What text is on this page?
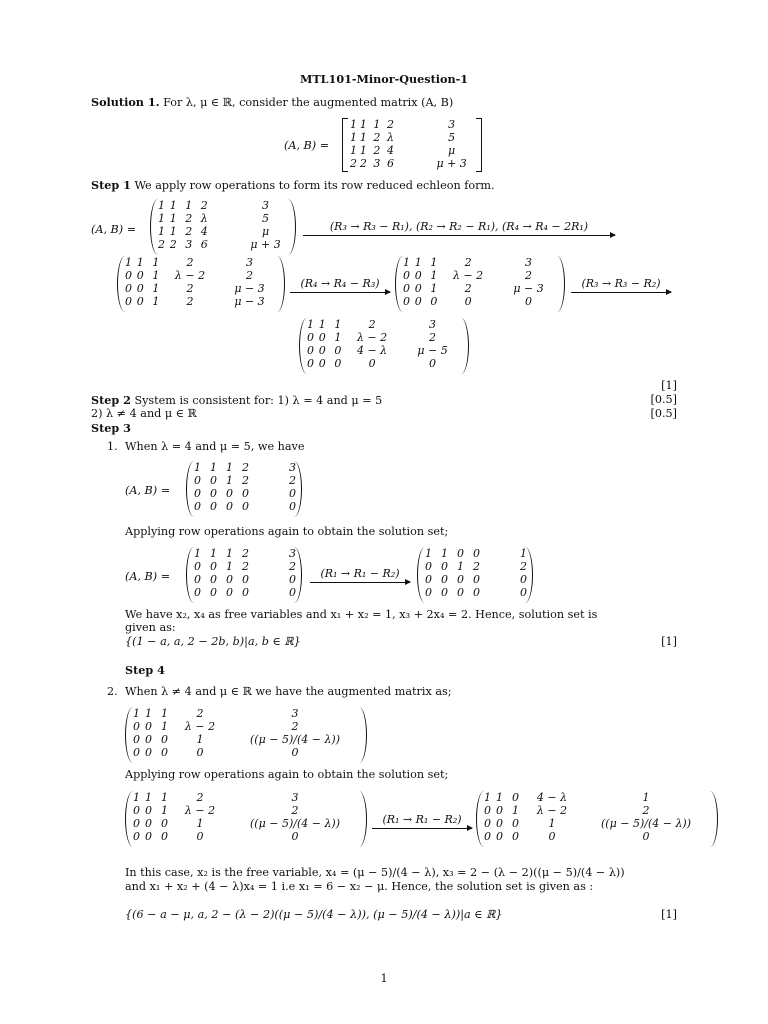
MTL101-Minor-Question-1
Solution 1. For λ, μ ∈ ℝ, consider the augmented matrix (A, B)
(A, B) =
1	1	1	2	3
1	1	2	λ	5
1	1	2	4	μ
2	2	3	6	μ + 3
Step 1 We apply row operations to form its row reduced echleon form.
(A, B) =
1	1	1	2	3
1	1	2	λ	5
1	1	2	4	μ
2	2	3	6	μ + 3
(R₃ → R₃ − R₁), (R₂ → R₂ − R₁), (R₄ → R₄ − 2R₁)
1	1	1	2	3
0	0	1	λ − 2	2
0	0	1	2	μ − 3
0	0	1	2	μ − 3
(R₄ → R₄ − R₃)
1	1	1	2	3
0	0	1	λ − 2	2
0	0	1	2	μ − 3
0	0	0	0	0
(R₃ → R₃ − R₂)
1	1	1	2	3
0	0	1	λ − 2	2
0	0	0	4 − λ	μ − 5
0	0	0	0	0
[1]
Step 2 System is consistent for: 1) λ = 4 and μ = 5	[0.5]
2) λ ≠ 4 and μ ∈ ℝ	[0.5]
Step 3
1. When λ = 4 and μ = 5, we have
(A, B) =
1	1	1	2	3
0	0	1	2	2
0	0	0	0	0
0	0	0	0	0
Applying row operations again to obtain the solution set;
(A, B) =
1	1	1	2	3
0	0	1	2	2
0	0	0	0	0
0	0	0	0	0
(R₁ → R₁ − R₂)
1	1	0	0	1
0	0	1	2	2
0	0	0	0	0
0	0	0	0	0
We have x₂, x₄ as free variables and x₁ + x₂ = 1, x₃ + 2x₄ = 2. Hence, solution set is
given as:
{(1 − a, a, 2 − 2b, b)|a, b ∈ ℝ}	[1]
Step 4
2. When λ ≠ 4 and μ ∈ ℝ we have the augmented matrix as;
1	1	1	2	3
0	0	1	λ − 2	2
0	0	0	1	((μ − 5)/(4 − λ))
0	0	0	0	0
Applying row operations again to obtain the solution set;
1	1	1	2	3
0	0	1	λ − 2	2
0	0	0	1	((μ − 5)/(4 − λ))
0	0	0	0	0
(R₁ → R₁ − R₂)
1	1	0	4 − λ	1
0	0	1	λ − 2	2
0	0	0	1	((μ − 5)/(4 − λ))
0	0	0	0	0
In this case, x₂ is the free variable, x₄ = (μ − 5)/(4 − λ), x₃ = 2 − (λ − 2)((μ − 5)/(4 − λ))
and x₁ + x₂ + (4 − λ)x₄ = 1 i.e x₁ = 6 − x₂ − μ. Hence, the solution set is given as :
{(6 − a − μ, a, 2 − (λ − 2)((μ − 5)/(4 − λ)), (μ − 5)/(4 − λ))|a ∈ ℝ}	[1]
1
